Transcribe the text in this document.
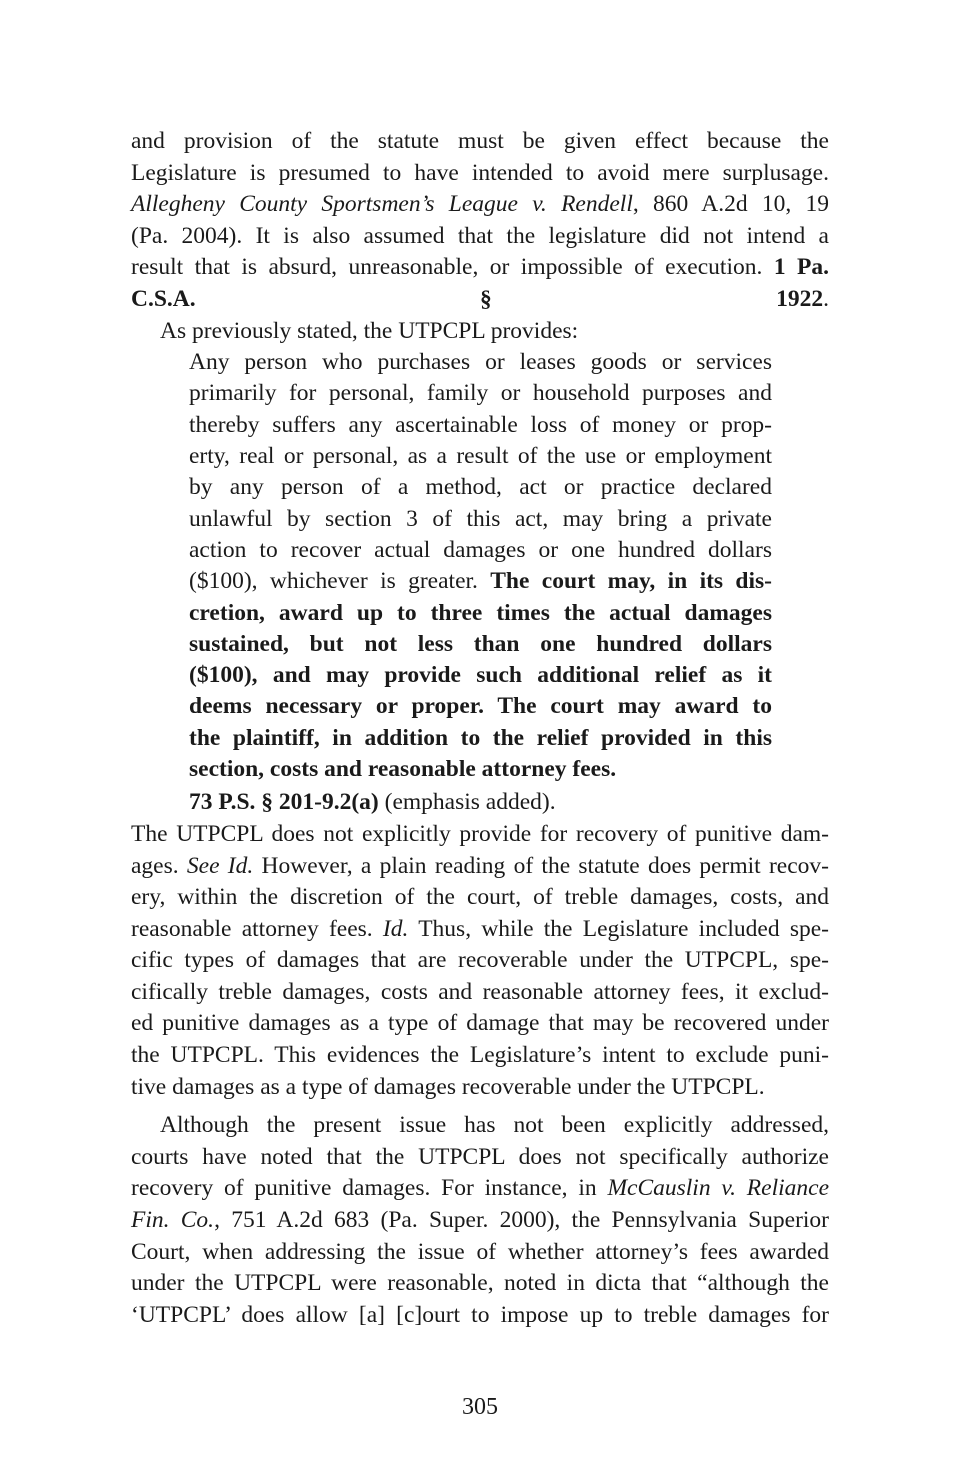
and provision of the statute must be given effect because the
Legislature is presumed to have intended to avoid mere surplusage.
Allegheny County Sportsmen’s League v. Rendell, 860 A.2d 10, 19
(Pa. 2004). It is also assumed that the legislature did not intend a
result that is absurd, unreasonable, or impossible of execution. 1 Pa.
C.S.A. § 1922.
As previously stated, the UTPCPL provides:
Any person who purchases or leases goods or services
primarily for personal, family or household purposes and
thereby suffers any ascertainable loss of money or prop-
erty, real or personal, as a result of the use or employment
by any person of a method, act or practice declared
unlawful by section 3 of this act, may bring a private
action to recover actual damages or one hundred dollars
($100), whichever is greater. The court may, in its dis-
cretion, award up to three times the actual damages
sustained, but not less than one hundred dollars
($100), and may provide such additional relief as it
deems necessary or proper. The court may award to
the plaintiff, in addition to the relief provided in this
section, costs and reasonable attorney fees.
73 P.S. § 201-9.2(a) (emphasis added).
The UTPCPL does not explicitly provide for recovery of punitive dam-
ages. See Id. However, a plain reading of the statute does permit recov-
ery, within the discretion of the court, of treble damages, costs, and
reasonable attorney fees. Id. Thus, while the Legislature included spe-
cific types of damages that are recoverable under the UTPCPL, spe-
cifically treble damages, costs and reasonable attorney fees, it exclud-
ed punitive damages as a type of damage that may be recovered under
the UTPCPL. This evidences the Legislature’s intent to exclude puni-
tive damages as a type of damages recoverable under the UTPCPL.
Although the present issue has not been explicitly addressed,
courts have noted that the UTPCPL does not specifically authorize
recovery of punitive damages. For instance, in McCauslin v. Reliance
Fin. Co., 751 A.2d 683 (Pa. Super. 2000), the Pennsylvania Superior
Court, when addressing the issue of whether attorney’s fees awarded
under the UTPCPL were reasonable, noted in dicta that “although the
‘UTPCPL’ does allow [a] [c]ourt to impose up to treble damages for
305
